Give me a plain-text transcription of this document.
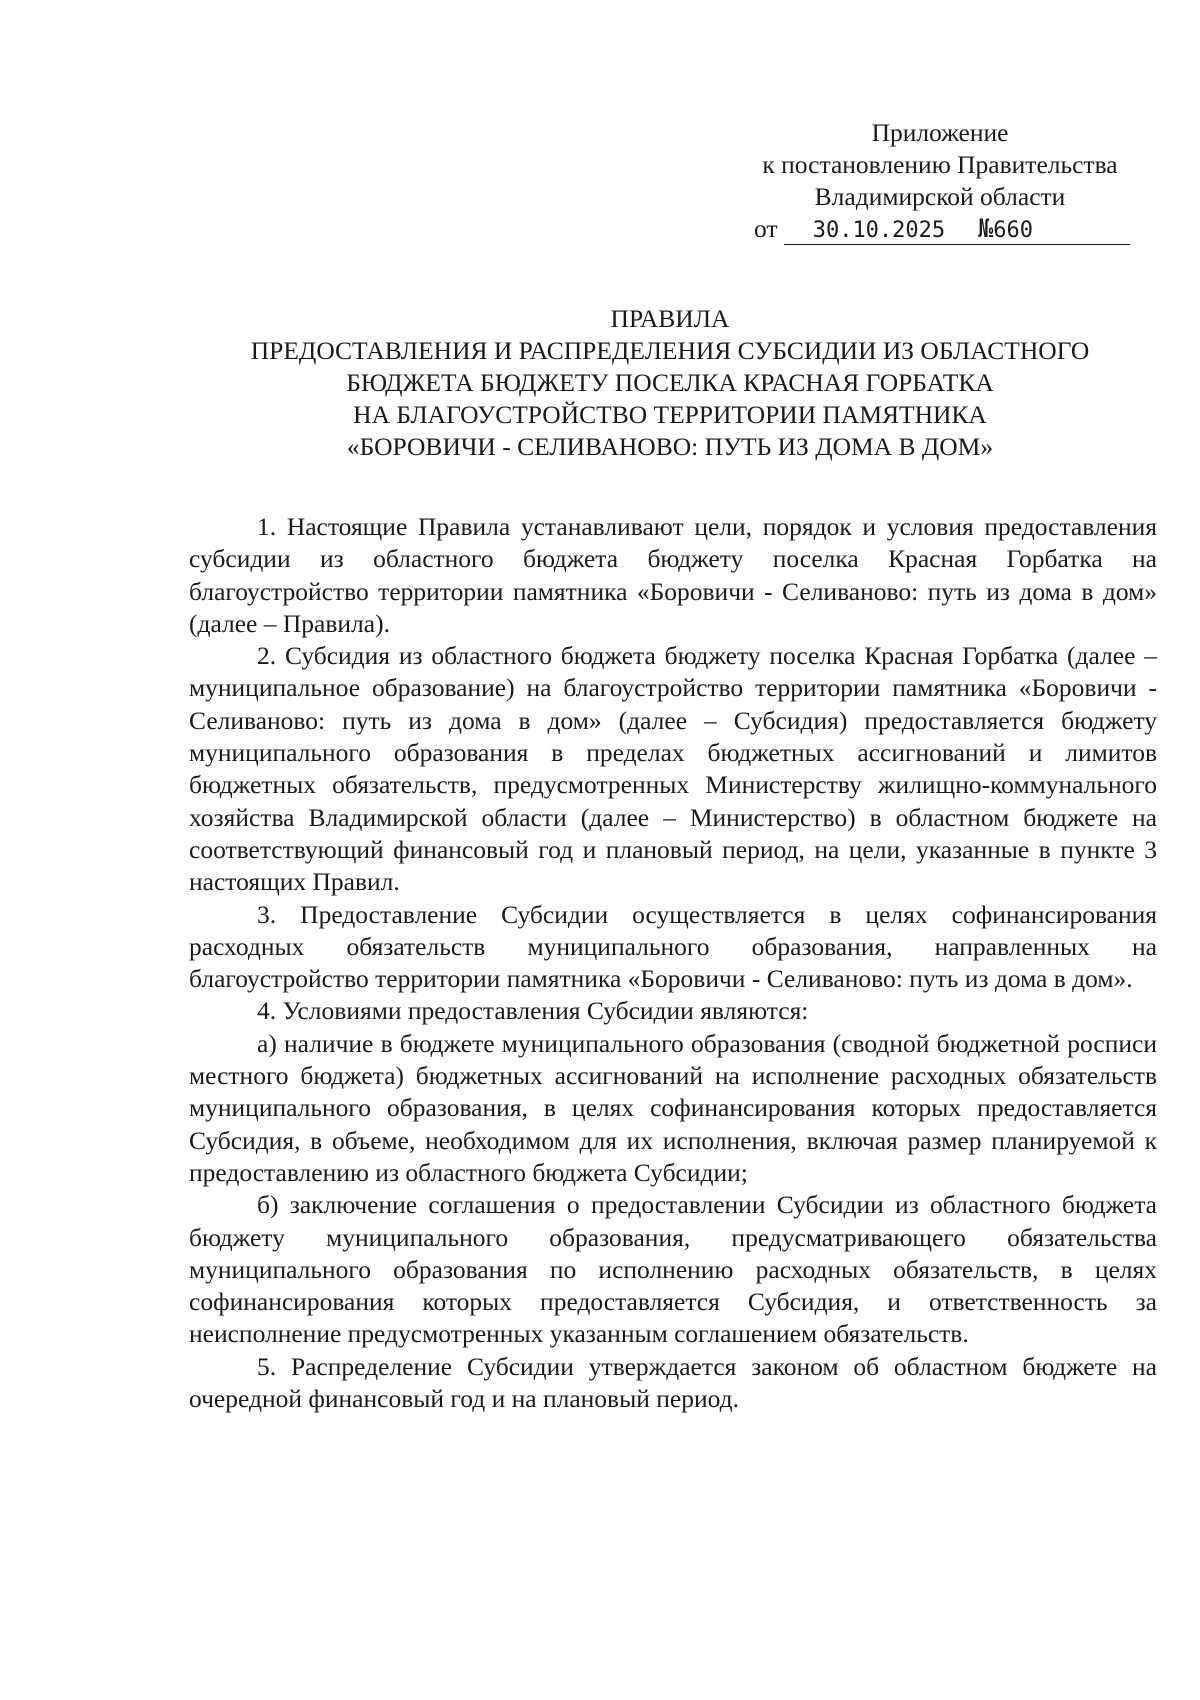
Приложение
к постановлению Правительства
Владимирской области
от 30.10.2025 №660
ПРАВИЛА
ПРЕДОСТАВЛЕНИЯ И РАСПРЕДЕЛЕНИЯ СУБСИДИИ ИЗ ОБЛАСТНОГО
БЮДЖЕТА БЮДЖЕТУ ПОСЕЛКА КРАСНАЯ ГОРБАТКА
НА БЛАГОУСТРОЙСТВО ТЕРРИТОРИИ ПАМЯТНИКА
«БОРОВИЧИ - СЕЛИВАНОВО: ПУТЬ ИЗ ДОМА В ДОМ»

1. Настоящие Правила устанавливают цели, порядок и условия предоставления субсидии из областного бюджета бюджету поселка Красная Горбатка на благоустройство территории памятника «Боровичи - Селиваново: путь из дома в дом» (далее – Правила).

2. Субсидия из областного бюджета бюджету поселка Красная Горбатка (далее – муниципальное образование) на благоустройство территории памятника «Боровичи - Селиваново: путь из дома в дом» (далее – Субсидия) предоставляется бюджету муниципального образования в пределах бюджетных ассигнований и лимитов бюджетных обязательств, предусмотренных Министерству жилищно-коммунального хозяйства Владимирской области (далее – Министерство) в областном бюджете на соответствующий финансовый год и плановый период, на цели, указанные в пункте 3 настоящих Правил.

3. Предоставление Субсидии осуществляется в целях софинансирования расходных обязательств муниципального образования, направленных на благоустройство территории памятника «Боровичи - Селиваново: путь из дома в дом».

4. Условиями предоставления Субсидии являются:

а) наличие в бюджете муниципального образования (сводной бюджетной росписи местного бюджета) бюджетных ассигнований на исполнение расходных обязательств муниципального образования, в целях софинансирования которых предоставляется Субсидия, в объеме, необходимом для их исполнения, включая размер планируемой к предоставлению из областного бюджета Субсидии;

б) заключение соглашения о предоставлении Субсидии из областного бюджета бюджету муниципального образования, предусматривающего обязательства муниципального образования по исполнению расходных обязательств, в целях софинансирования которых предоставляется Субсидия, и ответственность за неисполнение предусмотренных указанным соглашением обязательств.

5. Распределение Субсидии утверждается законом об областном бюджете на очередной финансовый год и на плановый период.
